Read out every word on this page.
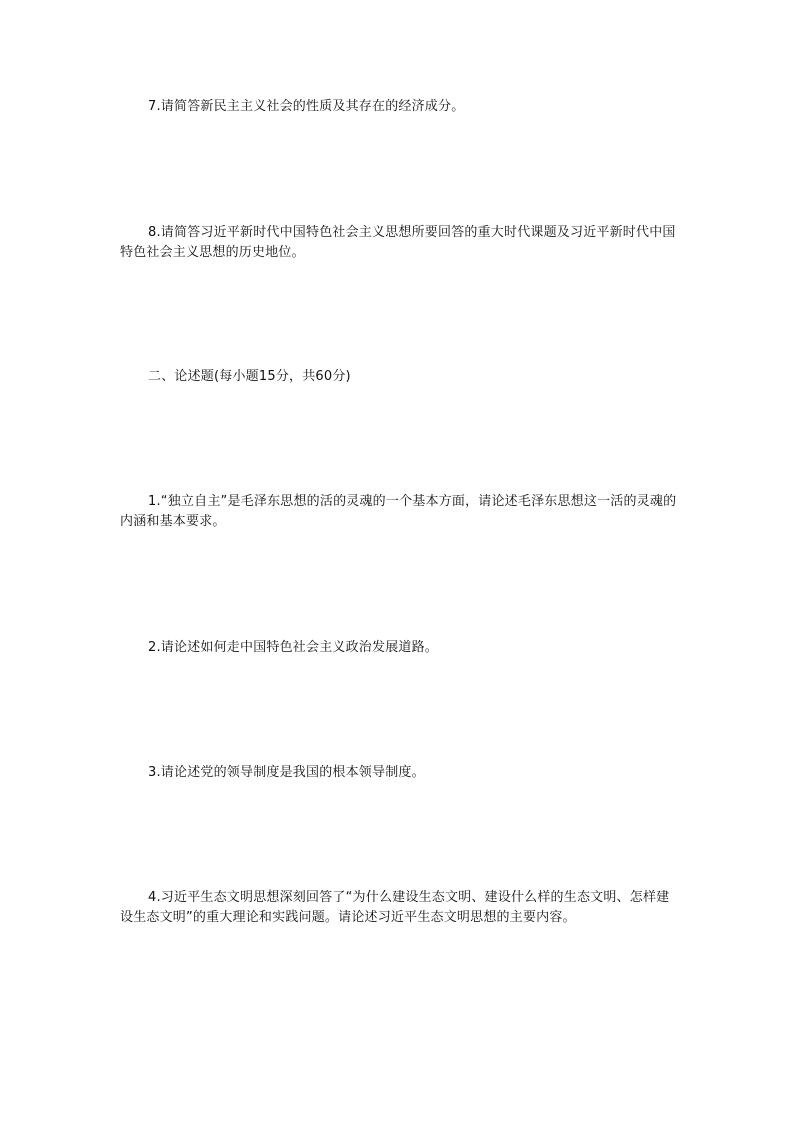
7.请简答新民主主义社会的性质及其存在的经济成分。

8.请简答习近平新时代中国特色社会主义思想所要回答的重大时代课题及习近平新时代中国特色社会主义思想的历史地位。

二、论述题(每小题15分，共60分)

1.“独立自主”是毛泽东思想的活的灵魂的一个基本方面，请论述毛泽东思想这一活的灵魂的内涵和基本要求。

2.请论述如何走中国特色社会主义政治发展道路。

3.请论述党的领导制度是我国的根本领导制度。

4.习近平生态文明思想深刻回答了“为什么建设生态文明、建设什么样的生态文明、怎样建设生态文明”的重大理论和实践问题。请论述习近平生态文明思想的主要内容。
